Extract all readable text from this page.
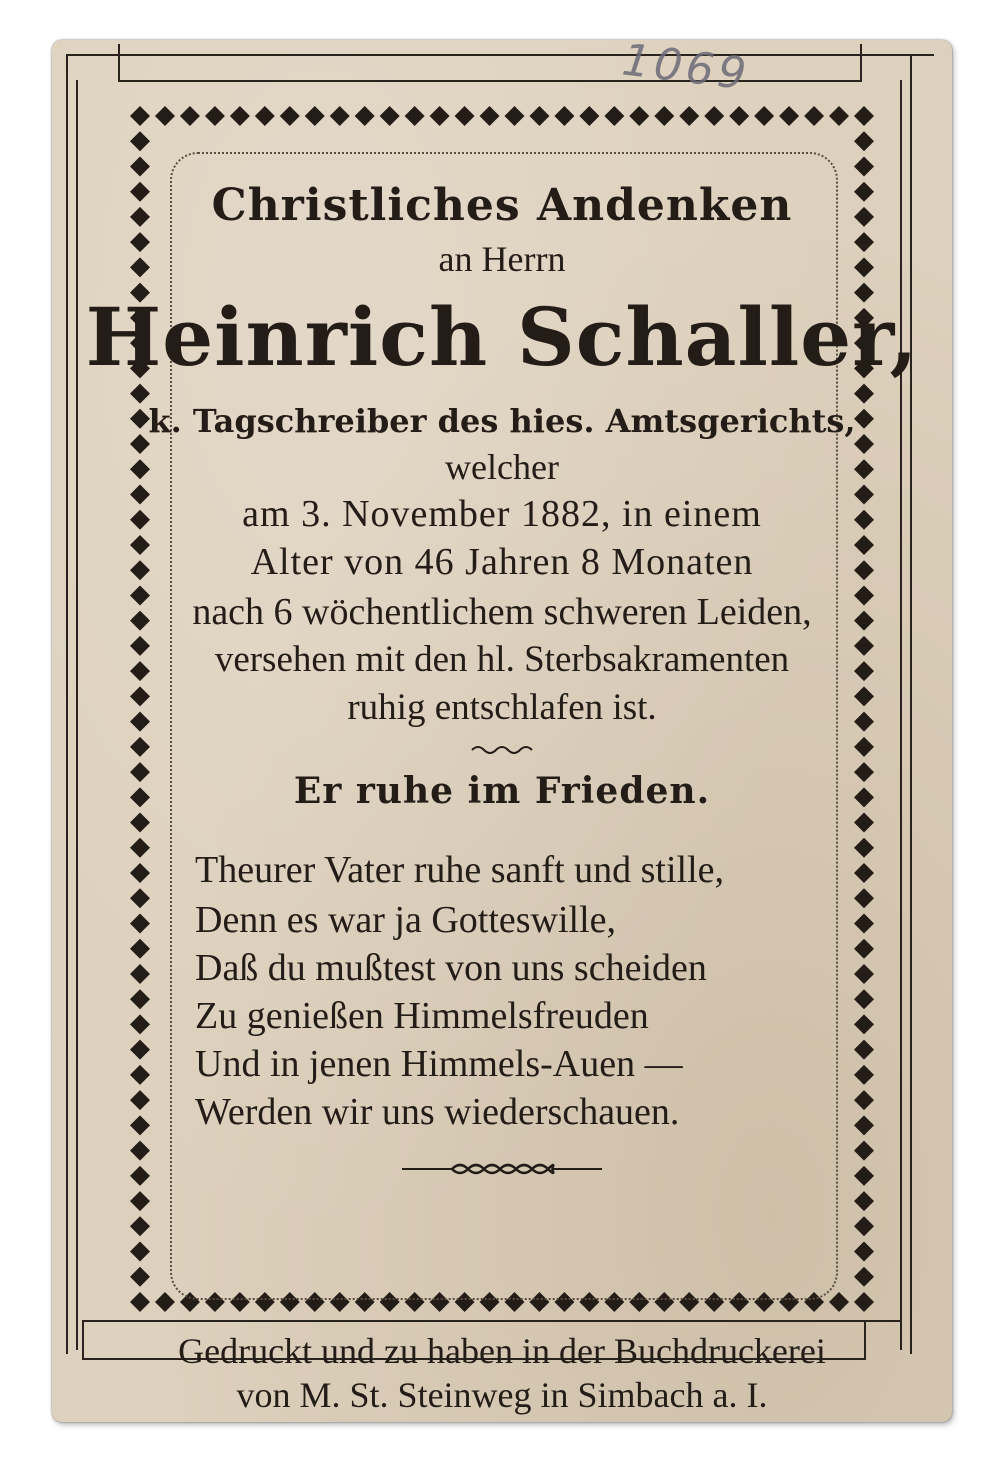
1069
Christliches Andenken
an Herrn
Heinrich Schaller,
k. Tagschreiber des hies. Amtsgerichts,
welcher
am 3. November 1882, in einem
Alter von 46 Jahren 8 Monaten
nach 6 wöchentlichem schweren Leiden,
versehen mit den hl. Sterbsakramenten
ruhig entschlafen ist.
Er ruhe im Frieden.
Theurer Vater ruhe sanft und stille,
Denn es war ja Gotteswille,
Daß du mußtest von uns scheiden
Zu genießen Himmelsfreuden
Und in jenen Himmels-Auen —
Werden wir uns wiederschauen.
Gedruckt und zu haben in der Buchdruckerei
von M. St. Steinweg in Simbach a. I.
